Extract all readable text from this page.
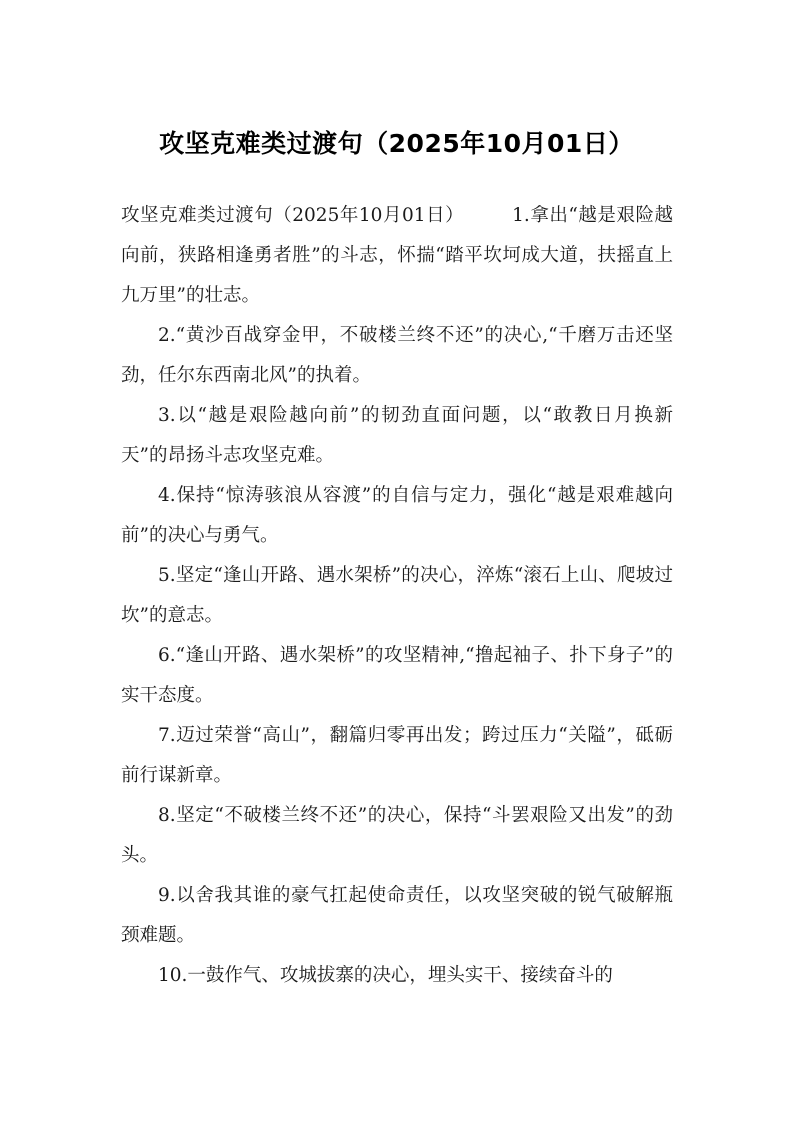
攻坚克难类过渡句（2025年10月01日）

攻坚克难类过渡句（2025年10月01日）	1.拿出“越是艰险越向前，狭路相逢勇者胜”的斗志，怀揣“踏平坎坷成大道，扶摇直上九万里”的壮志。

2.“黄沙百战穿金甲，不破楼兰终不还”的决心,“千磨万击还坚劲，任尔东西南北风”的执着。

3.以“越是艰险越向前”的韧劲直面问题，以“敢教日月换新天”的昂扬斗志攻坚克难。

4.保持“惊涛骇浪从容渡”的自信与定力，强化“越是艰难越向前”的决心与勇气。

5.坚定“逢山开路、遇水架桥”的决心，淬炼“滚石上山、爬坡过坎”的意志。

6.“逢山开路、遇水架桥”的攻坚精神,“撸起袖子、扑下身子”的实干态度。

7.迈过荣誉“高山”，翻篇归零再出发；跨过压力“关隘”，砥砺前行谋新章。

8.坚定“不破楼兰终不还”的决心，保持“斗罢艰险又出发”的劲头。

9.以舍我其谁的豪气扛起使命责任，以攻坚突破的锐气破解瓶颈难题。

10.一鼓作气、攻城拔寨的决心，埋头实干、接续奋斗的
